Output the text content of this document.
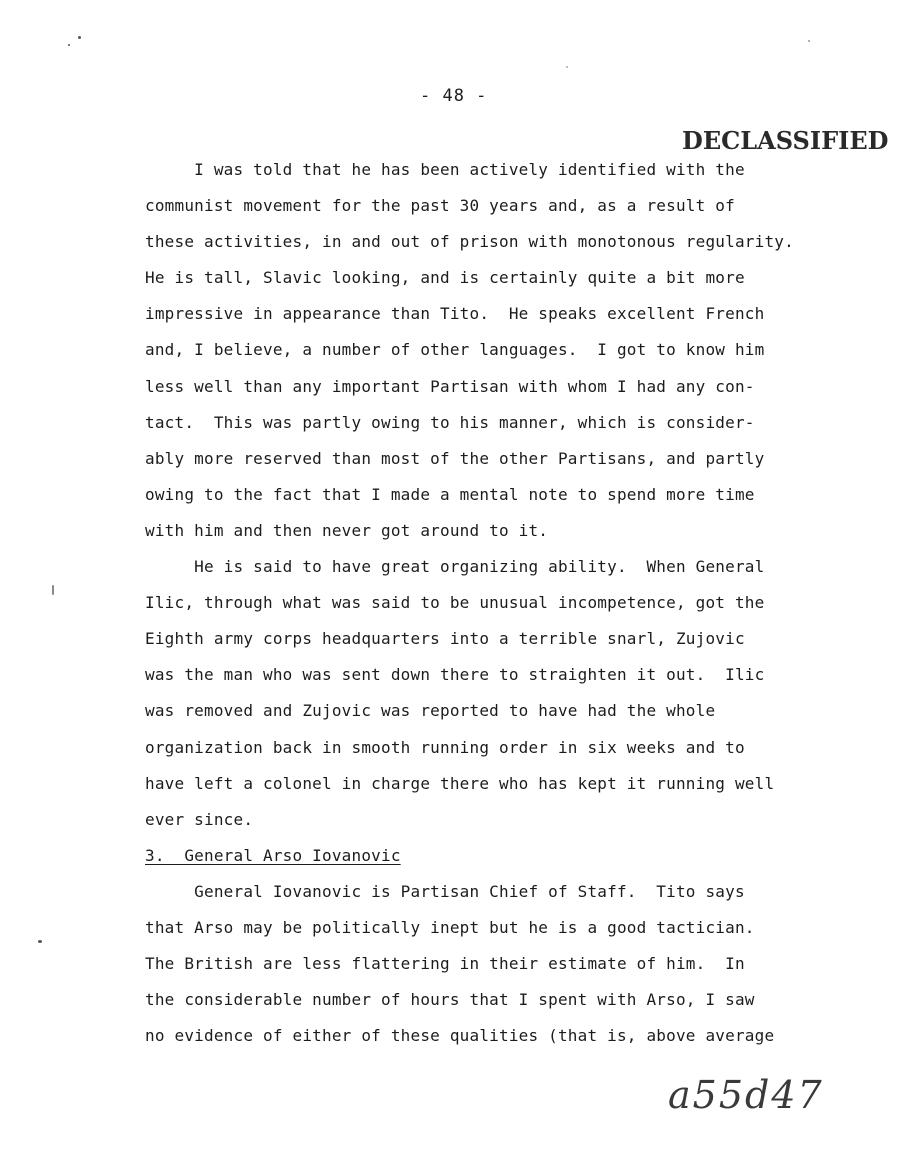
- 48 -
DECLASSIFIED
I was told that he has been actively identified with the
communist movement for the past 30 years and, as a result of
these activities, in and out of prison with monotonous regularity.
He is tall, Slavic looking, and is certainly quite a bit more
impressive in appearance than Tito.  He speaks excellent French
and, I believe, a number of other languages.  I got to know him
less well than any important Partisan with whom I had any con-
tact.  This was partly owing to his manner, which is consider-
ably more reserved than most of the other Partisans, and partly
owing to the fact that I made a mental note to spend more time
with him and then never got around to it.
He is said to have great organizing ability.  When General
Ilic, through what was said to be unusual incompetence, got the
Eighth army corps headquarters into a terrible snarl, Zujovic
was the man who was sent down there to straighten it out.  Ilic
was removed and Zujovic was reported to have had the whole
organization back in smooth running order in six weeks and to
have left a colonel in charge there who has kept it running well
ever since.
3.  General Arso Iovanovic
General Iovanovic is Partisan Chief of Staff.  Tito says
that Arso may be politically inept but he is a good tactician.
The British are less flattering in their estimate of him.  In
the considerable number of hours that I spent with Arso, I saw
no evidence of either of these qualities (that is, above average
a55d47
